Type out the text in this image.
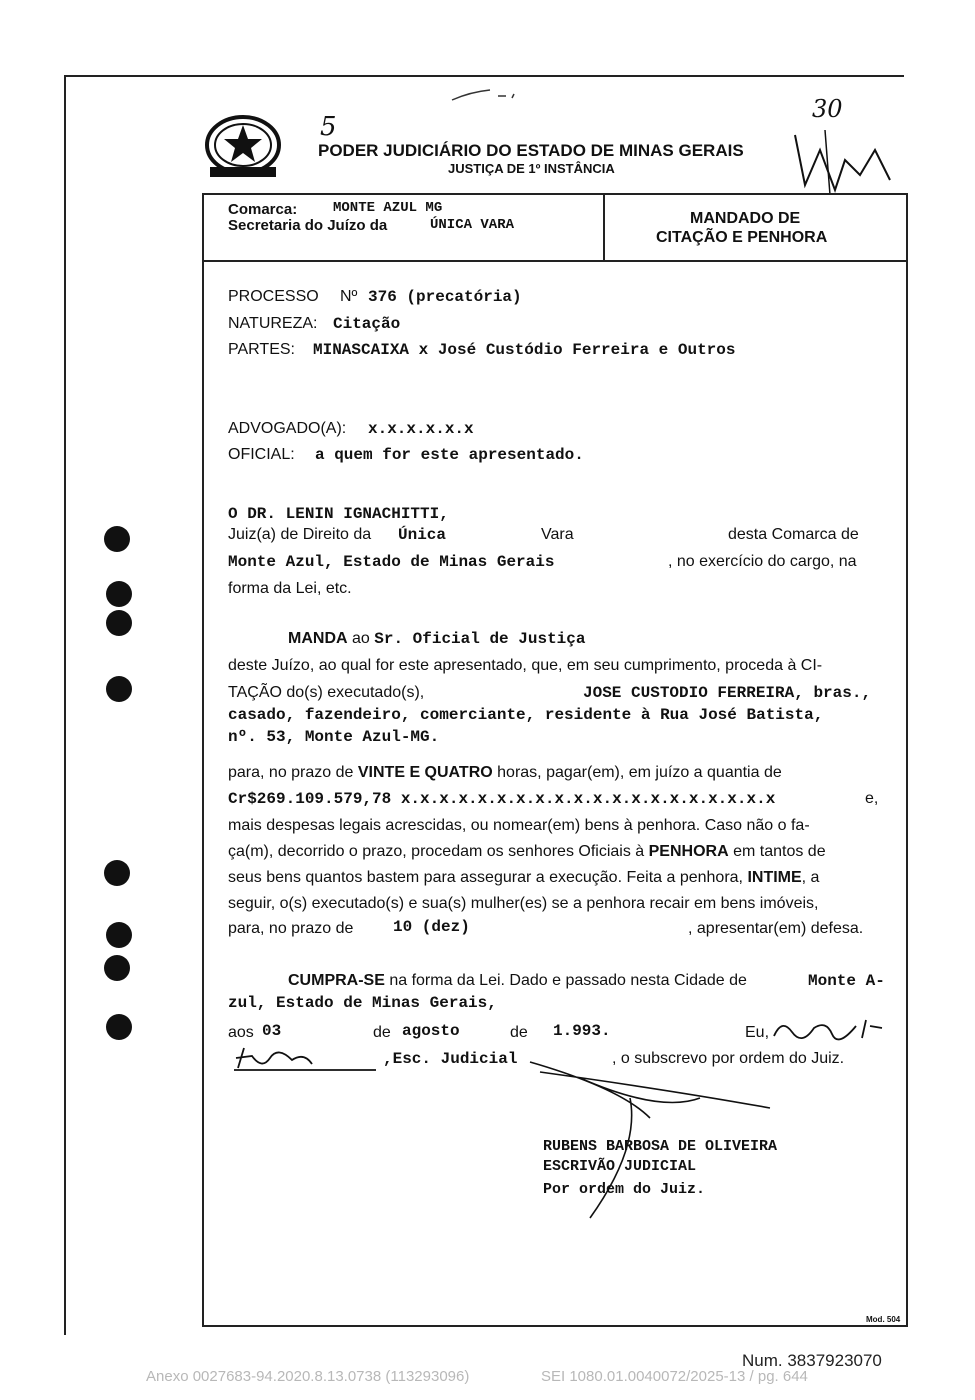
5
30
PODER JUDICIÁRIO DO ESTADO DE MINAS GERAIS
JUSTIÇA DE 1º INSTÂNCIA
Comarca:	MONTE AZUL MG
Secretaria do Juízo da	ÚNICA VARA	MANDADO DE
CITAÇÃO E PENHORA
PROCESSO Nº 376 (precatória)
NATUREZA: Citação
PARTES: MINASCAIXA x José Custódio Ferreira e Outros
ADVOGADO(A): x.x.x.x.x.x
OFICIAL: a quem for este apresentado.
O DR. LENIN IGNACHITTI,
Juiz(a) de Direito da Única	Vara	desta Comarca de
Monte Azul, Estado de Minas Gerais	, no exercício do cargo, na
forma da Lei, etc.
MANDA ao Sr. Oficial de Justiça
deste Juízo, ao qual for este apresentado, que, em seu cumprimento, proceda à CI-
TAÇÃO do(s) executado(s),	JOSE CUSTODIO FERREIRA, bras.,
casado, fazendeiro, comerciante, residente à Rua José Batista,
nº. 53, Monte Azul-MG.
para, no prazo de VINTE E QUATRO horas, pagar(em), em juízo a quantia de
Cr$269.109.579,78 x.x.x.x.x.x.x.x.x.x.x.x.x.x.x.x.x.x.x.x	e,
mais despesas legais acrescidas, ou nomear(em) bens à penhora. Caso não o fa-
ça(m), decorrido o prazo, procedam os senhores Oficiais à PENHORA em tantos de
seus bens quantos bastem para assegurar a execução. Feita a penhora, INTIME, a
seguir, o(s) executado(s) e sua(s) mulher(es) se a penhora recair em bens imóveis,
para, no prazo de 10 (dez)	, apresentar(em) defesa.
CUMPRA-SE na forma da Lei. Dado e passado nesta Cidade de	Monte A-
zul, Estado de Minas Gerais,
aos 03	de agosto	de 1.993.	Eu,
,Esc. Judicial	, o subscrevo por ordem do Juiz.
RUBENS BARBOSA DE OLIVEIRA
ESCRIVÃO JUDICIAL
Por ordem do Juiz.
Mod. 504
Num. 3837923070
Anexo 0027683-94.2020.8.13.0738 (113293096)	SEI 1080.01.0040072/2025-13 / pg. 644
